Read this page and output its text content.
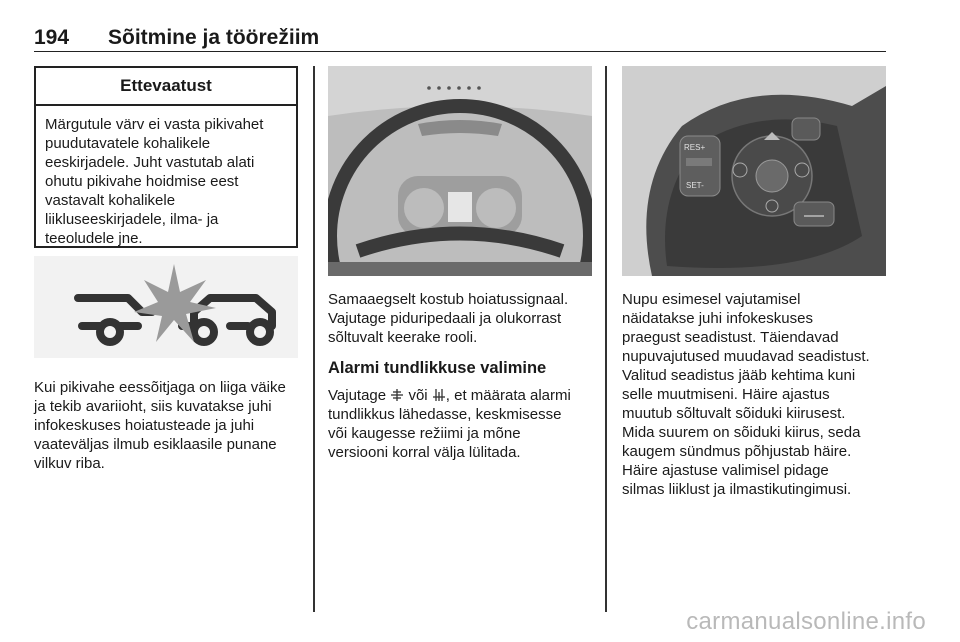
194 Sõitmine ja töörežiim
Ettevaatust
Märgutule värv ei vasta pikivahet
puudutavatele kohalikele
eeskirjadele. Juht vastutab alati
ohutu pikivahe hoidmise eest
vastavalt kohalikele
liikluseeskirjadele, ilma- ja
teeoludele jne.
Kui pikivahe eessõitjaga on liiga väike
ja tekib avariioht, siis kuvatakse juhi
infokeskuses hoiatusteade ja juhi
vaateväljas ilmub esiklaasile punane
vilkuv riba.
Samaaegselt kostub hoiatussignaal.
Vajutage piduripedaali ja olukorrast
sõltuvalt keerake rooli.
Alarmi tundlikkuse valimine
Vajutage  või , et määrata alarmi
tundlikkus lähedasse, keskmisesse
või kaugesse režiimi ja mõne
versiooni korral välja lülitada.
RES+
SET-
Nupu esimesel vajutamisel
näidatakse juhi infokeskuses
praegust seadistust. Täiendavad
nupuvajutused muudavad seadistust.
Valitud seadistus jääb kehtima kuni
selle muutmiseni. Häire ajastus
muutub sõltuvalt sõiduki kiirusest.
Mida suurem on sõiduki kiirus, seda
kaugem sündmus põhjustab häire.
Häire ajastuse valimisel pidage
silmas liiklust ja ilmastikutingimusi.
carmanualsonline.info
